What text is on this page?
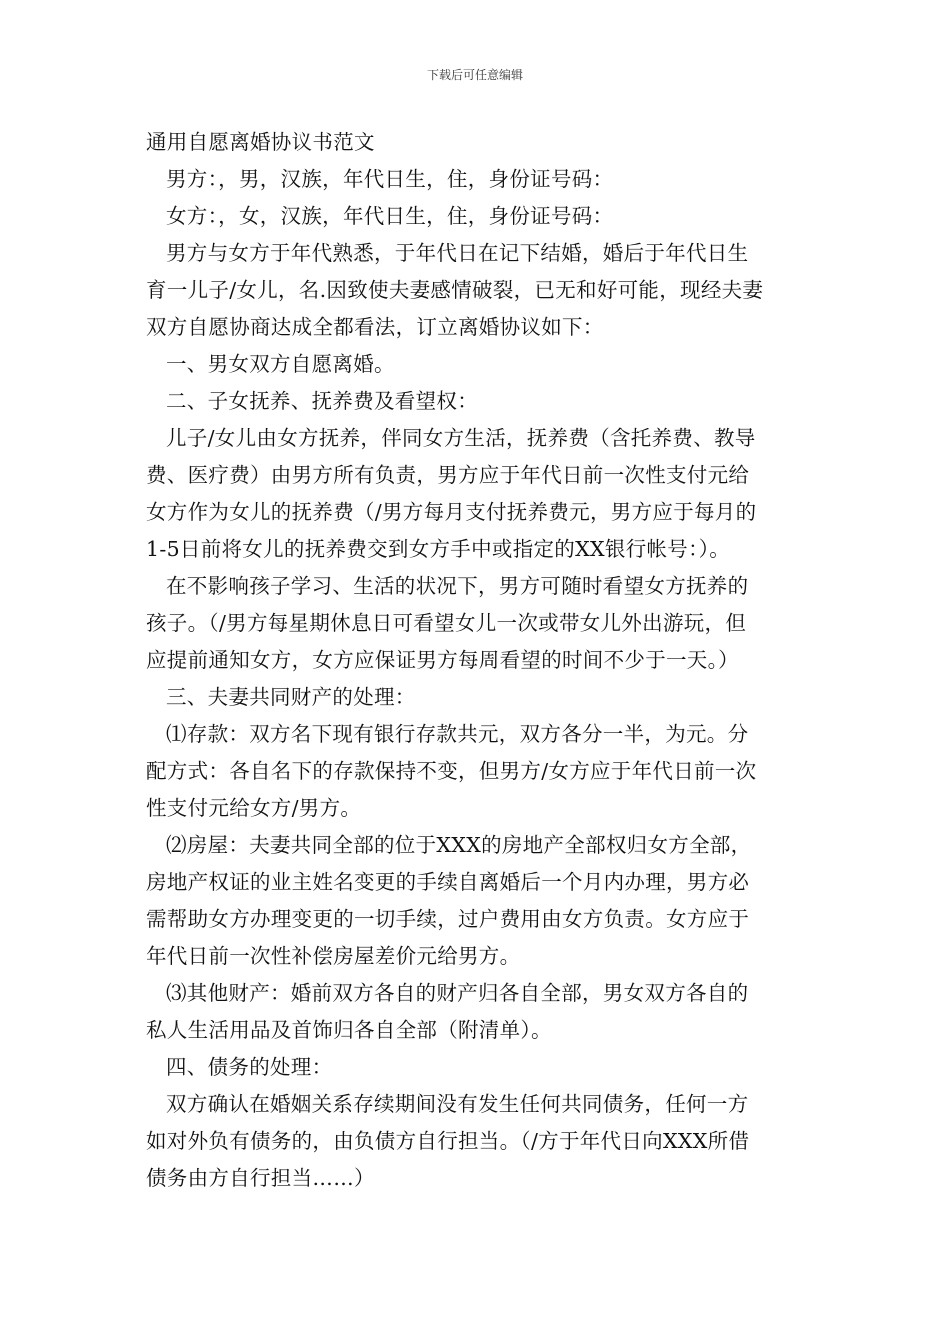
下载后可任意编辑
通用自愿离婚协议书范文
男方：，男，汉族，年代日生，住，身份证号码：
女方：，女，汉族，年代日生，住，身份证号码：
男方与女方于年代熟悉，于年代日在记下结婚，婚后于年代日生
育一儿子/女儿，名.因致使夫妻感情破裂，已无和好可能，现经夫妻
双方自愿协商达成全都看法，订立离婚协议如下：
一、男女双方自愿离婚。
二、子女抚养、抚养费及看望权：
儿子/女儿由女方抚养，伴同女方生活，抚养费（含托养费、教导
费、医疗费）由男方所有负责，男方应于年代日前一次性支付元给
女方作为女儿的抚养费（/男方每月支付抚养费元，男方应于每月的
1-5日前将女儿的抚养费交到女方手中或指定的XX银行帐号：）。
在不影响孩子学习、生活的状况下，男方可随时看望女方抚养的
孩子。（/男方每星期休息日可看望女儿一次或带女儿外出游玩，但
应提前通知女方，女方应保证男方每周看望的时间不少于一天。）
三、夫妻共同财产的处理：
⑴存款：双方名下现有银行存款共元，双方各分一半，为元。分
配方式：各自名下的存款保持不变，但男方/女方应于年代日前一次
性支付元给女方/男方。
⑵房屋：夫妻共同全部的位于XXX的房地产全部权归女方全部，
房地产权证的业主姓名变更的手续自离婚后一个月内办理，男方必
需帮助女方办理变更的一切手续，过户费用由女方负责。女方应于
年代日前一次性补偿房屋差价元给男方。
⑶其他财产：婚前双方各自的财产归各自全部，男女双方各自的
私人生活用品及首饰归各自全部（附清单）。
四、债务的处理：
双方确认在婚姻关系存续期间没有发生任何共同债务，任何一方
如对外负有债务的，由负债方自行担当。（/方于年代日向XXX所借
债务由方自行担当……）
